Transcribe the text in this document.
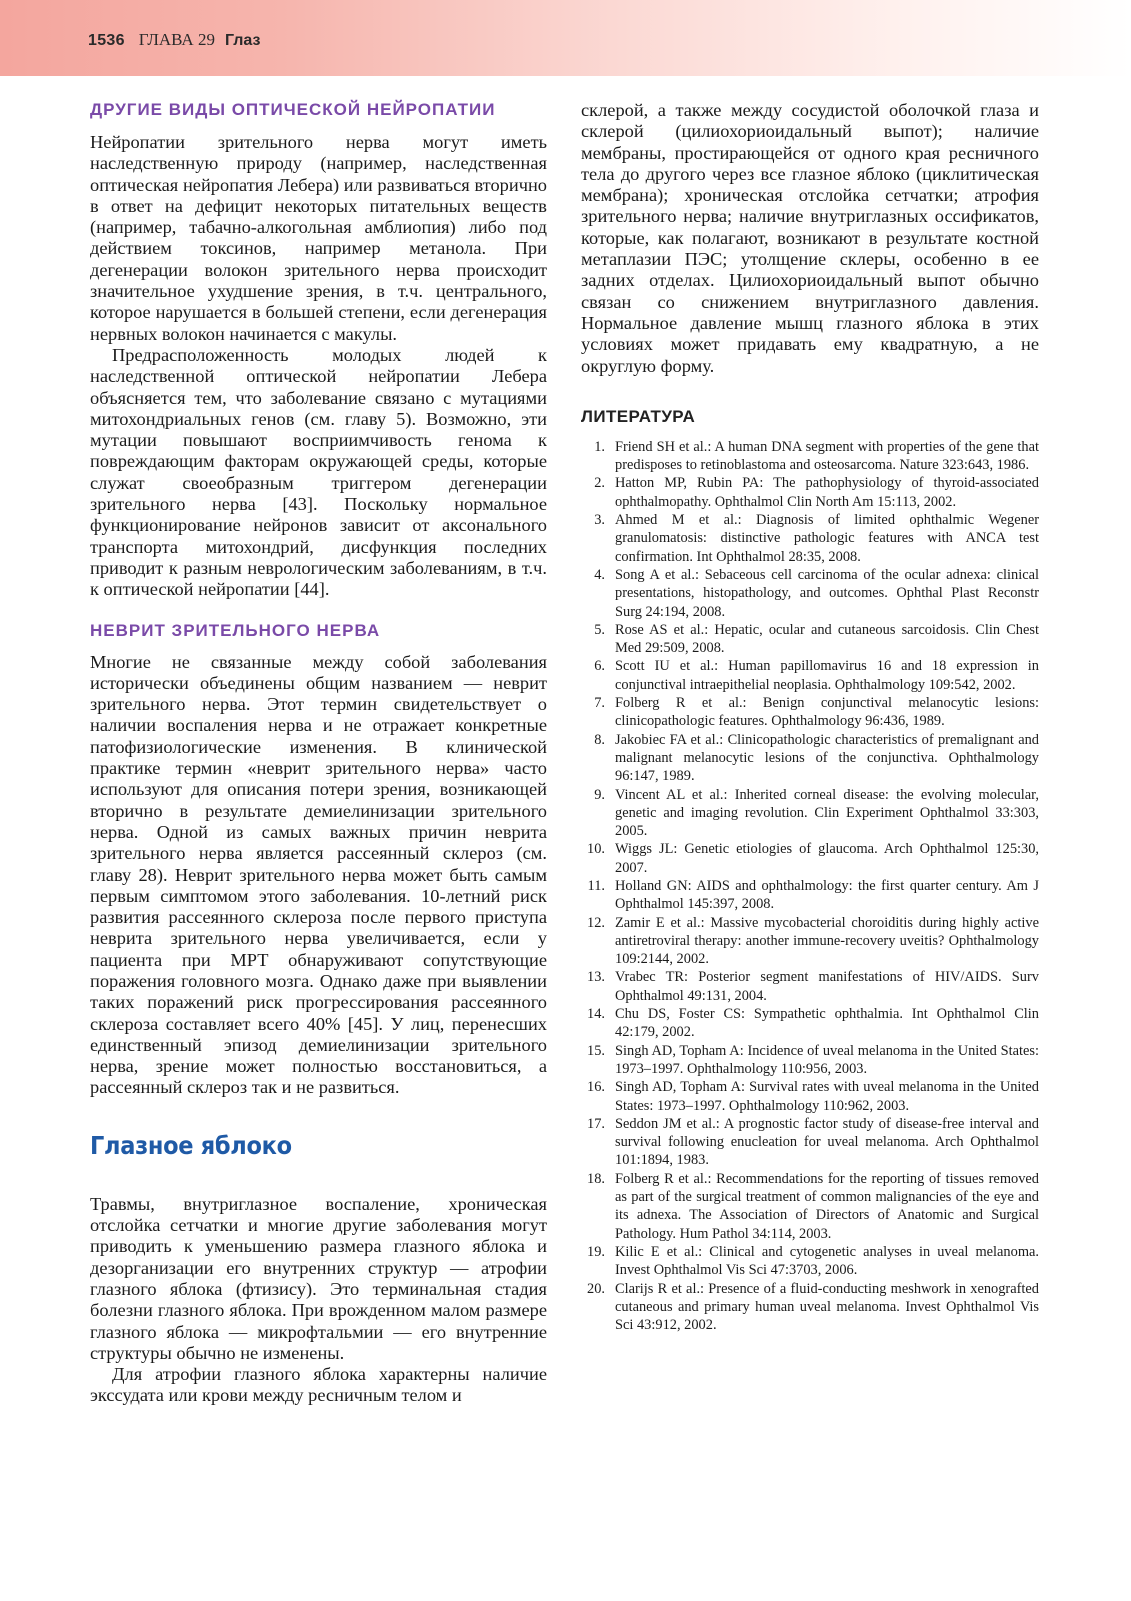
1536 ГЛАВА 29 Глаз
ДРУГИЕ ВИДЫ ОПТИЧЕСКОЙ НЕЙРОПАТИИ

Нейропатии зрительного нерва могут иметь наследственную природу (например, наследственная оптическая нейропатия Лебера) или развиваться вторично в ответ на дефицит некоторых питательных веществ (например, табачно-алкогольная амблиопия) либо под действием токсинов, например метанола. При дегенерации волокон зрительного нерва происходит значительное ухудшение зрения, в т.ч. центрального, которое нарушается в большей степени, если дегенерация нервных волокон начинается с макулы.

Предрасположенность молодых людей к наследственной оптической нейропатии Лебера объясняется тем, что заболевание связано с мутациями митохондриальных генов (см. главу 5). Возможно, эти мутации повышают восприимчивость генома к повреждающим факторам окружающей среды, которые служат своеобразным триггером дегенерации зрительного нерва [43]. Поскольку нормальное функционирование нейронов зависит от аксонального транспорта митохондрий, дисфункция последних приводит к разным неврологическим заболеваниям, в т.ч. к оптической нейропатии [44].

НЕВРИТ ЗРИТЕЛЬНОГО НЕРВА

Многие не связанные между собой заболевания исторически объединены общим названием — неврит зрительного нерва. Этот термин свидетельствует о наличии воспаления нерва и не отражает конкретные патофизиологические изменения. В клинической практике термин «неврит зрительного нерва» часто используют для описания потери зрения, возникающей вторично в результате демиелинизации зрительного нерва. Одной из самых важных причин неврита зрительного нерва является рассеянный склероз (см. главу 28). Неврит зрительного нерва может быть самым первым симптомом этого заболевания. 10-летний риск развития рассеянного склероза после первого приступа неврита зрительного нерва увеличивается, если у пациента при МРТ обнаруживают сопутствующие поражения головного мозга. Однако даже при выявлении таких поражений риск прогрессирования рассеянного склероза составляет всего 40% [45]. У лиц, перенесших единственный эпизод демиелинизации зрительного нерва, зрение может полностью восстановиться, а рассеянный склероз так и не развиться.

Глазное яблоко

Травмы, внутриглазное воспаление, хроническая отслойка сетчатки и многие другие заболевания могут приводить к уменьшению размера глазного яблока и дезорганизации его внутренних структур — атрофии глазного яблока (фтизису). Это терминальная стадия болезни глазного яблока. При врожденном малом размере глазного яблока — микрофтальмии — его внутренние структуры обычно не изменены.

Для атрофии глазного яблока характерны наличие экссудата или крови между ресничным телом и

склерой, а также между сосудистой оболочкой глаза и склерой (цилиохориоидальный выпот); наличие мембраны, простирающейся от одного края ресничного тела до другого через все глазное яблоко (циклитическая мембрана); хроническая отслойка сетчатки; атрофия зрительного нерва; наличие внутриглазных оссификатов, которые, как полагают, возникают в результате костной метаплазии ПЭС; утолщение склеры, особенно в ее задних отделах. Цилиохориоидальный выпот обычно связан со снижением внутриглазного давления. Нормальное давление мышц глазного яблока в этих условиях может придавать ему квадратную, а не округлую форму.

ЛИТЕРАТУРА
1. Friend SH et al.: A human DNA segment with properties of the gene that predisposes to retinoblastoma and osteosarcoma. Nature 323:643, 1986.
2. Hatton MP, Rubin PA: The pathophysiology of thyroid-associated ophthalmopathy. Ophthalmol Clin North Am 15:113, 2002.
3. Ahmed M et al.: Diagnosis of limited ophthalmic Wegener granulomatosis: distinctive pathologic features with ANCA test confirmation. Int Ophthalmol 28:35, 2008.
4. Song A et al.: Sebaceous cell carcinoma of the ocular adnexa: clinical presentations, histopathology, and outcomes. Ophthal Plast Reconstr Surg 24:194, 2008.
5. Rose AS et al.: Hepatic, ocular and cutaneous sarcoidosis. Clin Chest Med 29:509, 2008.
6. Scott IU et al.: Human papillomavirus 16 and 18 expression in conjunctival intraepithelial neoplasia. Ophthalmology 109:542, 2002.
7. Folberg R et al.: Benign conjunctival melanocytic lesions: clinicopathologic features. Ophthalmology 96:436, 1989.
8. Jakobiec FA et al.: Clinicopathologic characteristics of premalignant and malignant melanocytic lesions of the conjunctiva. Ophthalmology 96:147, 1989.
9. Vincent AL et al.: Inherited corneal disease: the evolving molecular, genetic and imaging revolution. Clin Experiment Ophthalmol 33:303, 2005.
10. Wiggs JL: Genetic etiologies of glaucoma. Arch Ophthalmol 125:30, 2007.
11. Holland GN: AIDS and ophthalmology: the first quarter century. Am J Ophthalmol 145:397, 2008.
12. Zamir E et al.: Massive mycobacterial choroiditis during highly active antiretroviral therapy: another immune-recovery uveitis? Ophthalmology 109:2144, 2002.
13. Vrabec TR: Posterior segment manifestations of HIV/AIDS. Surv Ophthalmol 49:131, 2004.
14. Chu DS, Foster CS: Sympathetic ophthalmia. Int Ophthalmol Clin 42:179, 2002.
15. Singh AD, Topham A: Incidence of uveal melanoma in the United States: 1973–1997. Ophthalmology 110:956, 2003.
16. Singh AD, Topham A: Survival rates with uveal melanoma in the United States: 1973–1997. Ophthalmology 110:962, 2003.
17. Seddon JM et al.: A prognostic factor study of disease-free interval and survival following enucleation for uveal melanoma. Arch Ophthalmol 101:1894, 1983.
18. Folberg R et al.: Recommendations for the reporting of tissues removed as part of the surgical treatment of common malignancies of the eye and its adnexa. The Association of Directors of Anatomic and Surgical Pathology. Hum Pathol 34:114, 2003.
19. Kilic E et al.: Clinical and cytogenetic analyses in uveal melanoma. Invest Ophthalmol Vis Sci 47:3703, 2006.
20. Clarijs R et al.: Presence of a fluid-conducting meshwork in xenografted cutaneous and primary human uveal melanoma. Invest Ophthalmol Vis Sci 43:912, 2002.
